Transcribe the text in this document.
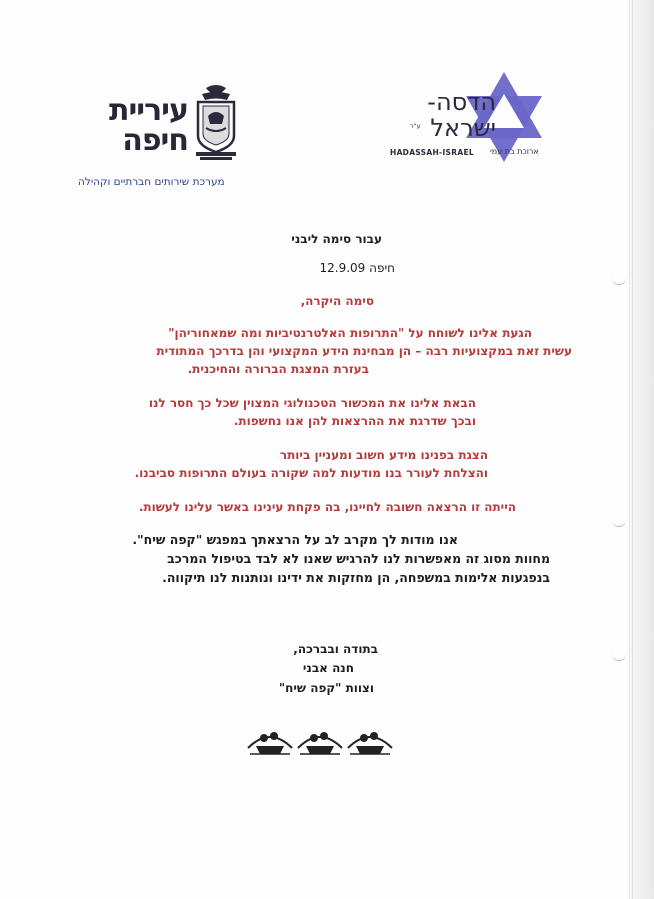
עיריית
חיפה
מערכת שירותים חברתיים וקהילה
הדסה-
ישראל
ע"ר
HADASSAH-ISRAEL ארוכת בת עמי
עבור סימה ליבני
חיפה 12.9.09
סימה היקרה,
הגעת אלינו לשוחח על "התרופות האלטרנטיביות ומה שמאחוריהן"
עשית זאת במקצועיות רבה – הן מבחינת הידע המקצועי והן בדרכך המתודית
בעזרת המצגת הברורה והחיכנית.
הבאת אלינו את המכשור הטכנולוגי המצוין שכל כך חסר לנו
ובכך שדרגת את ההרצאות להן אנו נחשפות.
הצגת בפנינו מידע חשוב ומעניין ביותר
והצלחת לעורר בנו מודעות למה שקורה בעולם התרופות סביבנו.
הייתה זו הרצאה חשובה לחיינו, בה פקחת עינינו באשר עלינו לעשות.
אנו מודות לך מקרב לב על הרצאתך במפגש "קפה שיח".
מחוות מסוג זה מאפשרות לנו להרגיש שאנו לא לבד בטיפול המרכב
בנפגעות אלימות במשפחה, הן מחזקות את ידינו ונותנות לנו תיקווה.
בתודה ובברכה,
חנה אבני
וצוות "קפה שיח"
